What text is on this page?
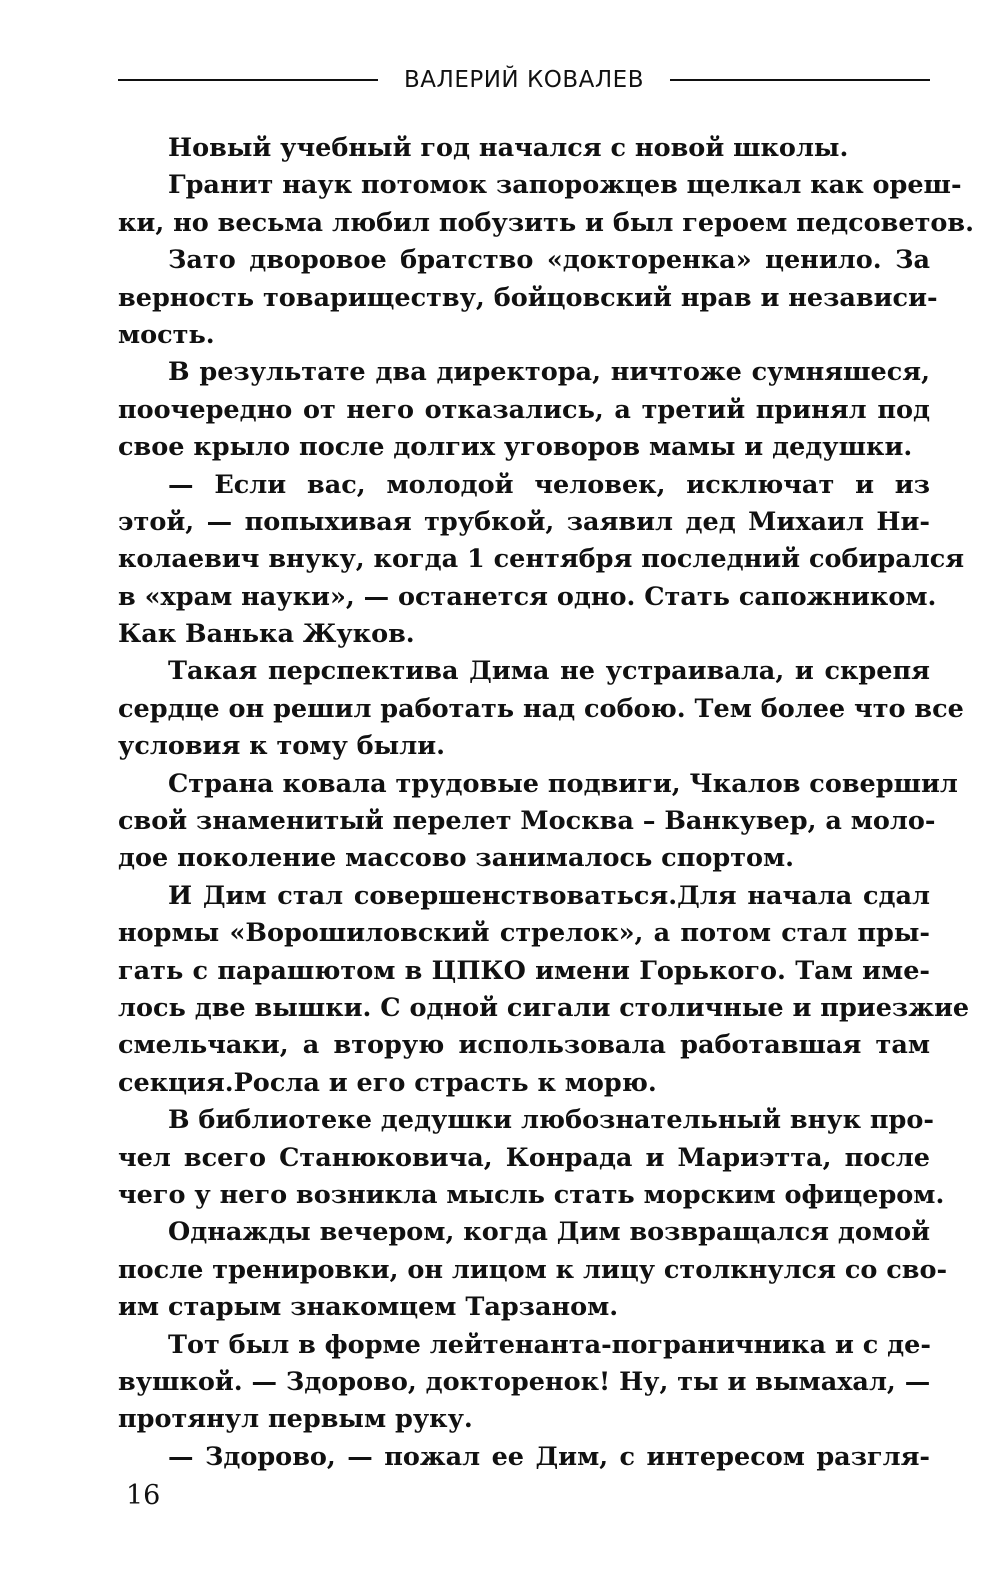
ВАЛЕРИЙ КОВАЛЕВ
Новый учебный год начался с новой школы.
Гранит наук потомок запорожцев щелкал как ореш-
ки, но весьма любил побузить и был героем педсоветов.
Зато дворовое братство «докторенка» ценило. За
верность товариществу, бойцовский нрав и независи-
мость.
В результате два директора, ничтоже сумняшеся,
поочередно от него отказались, а третий принял под
свое крыло после долгих уговоров мамы и дедушки.
— Если вас, молодой человек, исключат и из
этой, — попыхивая трубкой, заявил дед Михаил Ни-
колаевич внуку, когда 1 сентября последний собирался
в «храм науки», — останется одно. Стать сапожником.
Как Ванька Жуков.
Такая перспектива Дима не устраивала, и скрепя
сердце он решил работать над собою. Тем более что все
условия к тому были.
Страна ковала трудовые подвиги, Чкалов совершил
свой знаменитый перелет Москва – Ванкувер, а моло-
дое поколение массово занималось спортом.
И Дим стал совершенствоваться.Для начала сдал
нормы «Ворошиловский стрелок», а потом стал пры-
гать с парашютом в ЦПКО имени Горького. Там име-
лось две вышки. С одной сигали столичные и приезжие
смельчаки, а вторую использовала работавшая там
секция.Росла и его страсть к морю.
В библиотеке дедушки любознательный внук про-
чел всего Станюковича, Конрада и Мариэтта, после
чего у него возникла мысль стать морским офицером.
Однажды вечером, когда Дим возвращался домой
после тренировки, он лицом к лицу столкнулся со сво-
им старым знакомцем Тарзаном.
Тот был в форме лейтенанта-пограничника и с де-
вушкой. — Здорово, докторенок! Ну, ты и вымахал, —
протянул первым руку.
— Здорово, — пожал ее Дим, с интересом разгля-
16
